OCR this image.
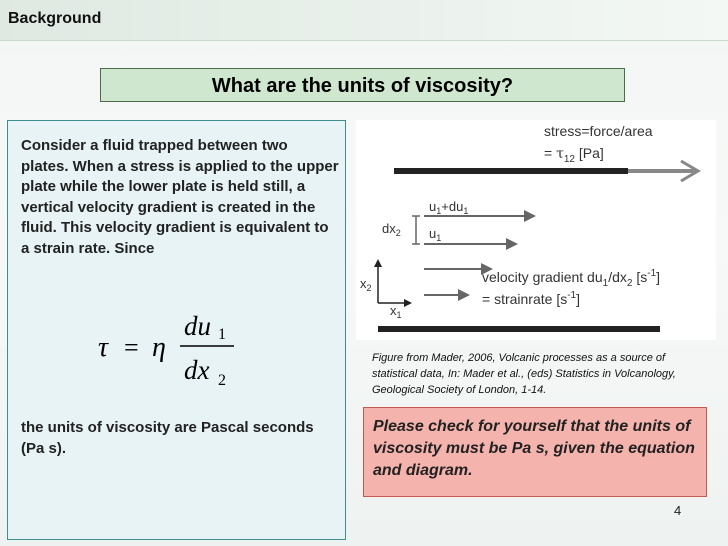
Background
What are the units of viscosity?
Consider a fluid trapped between two plates. When a stress is applied to the upper plate while the lower plate is held still, a vertical velocity gradient is created in the fluid. This velocity gradient is equivalent to a strain rate. Since
τ = η
du 1
dx 2
the units of viscosity are Pascal seconds (Pa s).
stress=force/area
= $\tau_{12}$ [Pa]
$u_1+du_1$
$u_1$
$dx_2$
$x_2$
$x_1$
velocity gradient $du_1/dx_2$ $[s^{-1}]$
= strainrate $[s^{-1}]$
Figure from Mader, 2006, Volcanic processes as a source of statistical data, In: Mader et al., (eds) Statistics in Volcanology, Geological Society of London, 1-14.
Please check for yourself that the units of viscosity must be Pa s, given the equation and diagram.
4
